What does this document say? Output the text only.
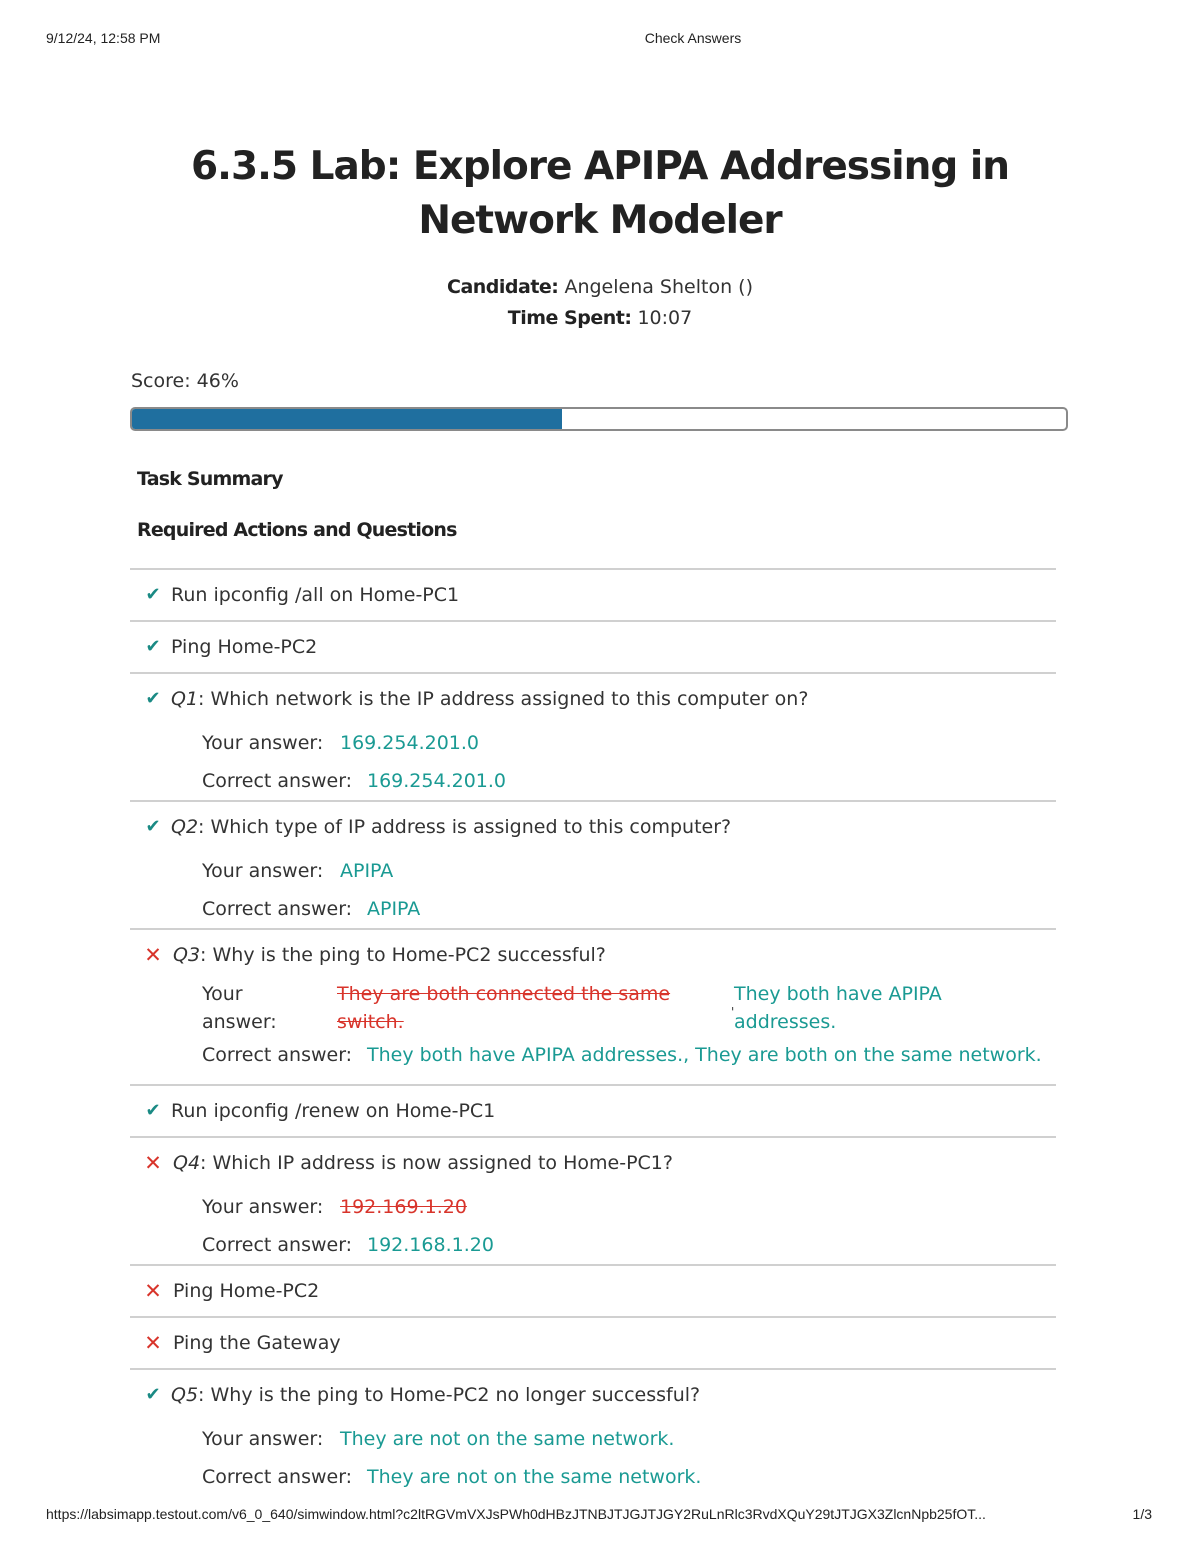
9/12/24, 12:58 PM	Check Answers
6.3.5 Lab: Explore APIPA Addressing in Network Modeler
Candidate: Angelena Shelton ()
Time Spent: 10:07
Score: 46%
Task Summary
Required Actions and Questions
✔ Run ipconfig /all on Home-PC1
✔ Ping Home-PC2
✔ Q1: Which network is the IP address assigned to this computer on?
Your answer: 169.254.201.0
Correct answer: 169.254.201.0
✔ Q2: Which type of IP address is assigned to this computer?
Your answer: APIPA
Correct answer: APIPA
✕ Q3: Why is the ping to Home-PC2 successful?
Your answer:
They are both connected the same switch.	'
They both have APIPA addresses.
Correct answer: They both have APIPA addresses., They are both on the same network.
✔ Run ipconfig /renew on Home-PC1
✕ Q4: Which IP address is now assigned to Home-PC1?
Your answer: 192.169.1.20
Correct answer: 192.168.1.20
✕ Ping Home-PC2
✕ Ping the Gateway
✔ Q5: Why is the ping to Home-PC2 no longer successful?
Your answer: They are not on the same network.
Correct answer: They are not on the same network.
https://labsimapp.testout.com/v6_0_640/simwindow.html?c2ltRGVmVXJsPWh0dHBzJTNBJTJGJTJGY2RuLnRlc3RvdXQuY29tJTJGX3ZlcnNpb25fOT...	1/3
